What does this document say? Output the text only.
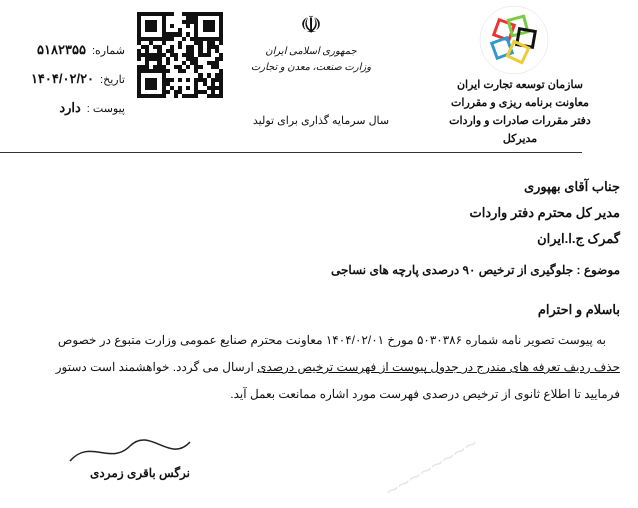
~~~~~~~~
شماره:۵۱۸۲۳۵۵
تاریخ:۱۴۰۴/۰۲/۲۰
پیوست :دارد
☫
جمهوری اسلامی ایران
وزارت صنعت، معدن و تجارت
سال سرمایه گذاری برای تولید
سازمان توسعه تجارت ایران
معاونت برنامه ریزی و مقررات
دفتر مقررات صادرات و واردات
مدیرکل
جناب آقای بهپوری
مدیر کل محترم دفتر واردات
گمرک ج.ا.ایران
موضوع : جلوگیری از ترخیص ۹۰ درصدی پارچه های نساجی
باسلام و احترام
به پیوست تصویر نامه شماره ۵۰۳۰۳۸۶ مورخ ۱۴۰۴/۰۲/۰۱ معاونت محترم صنایع عمومی وزارت متبوع در خصوص
حذف ردیف تعرفه های مندرج در جدول پیوست از فهرست ترخیص درصدی ارسال می گردد. خواهشمند است دستور
فرمایید تا اطلاع ثانوی از ترخیص درصدی فهرست مورد اشاره ممانعت بعمل آید.
نرگس باقری زمردی
